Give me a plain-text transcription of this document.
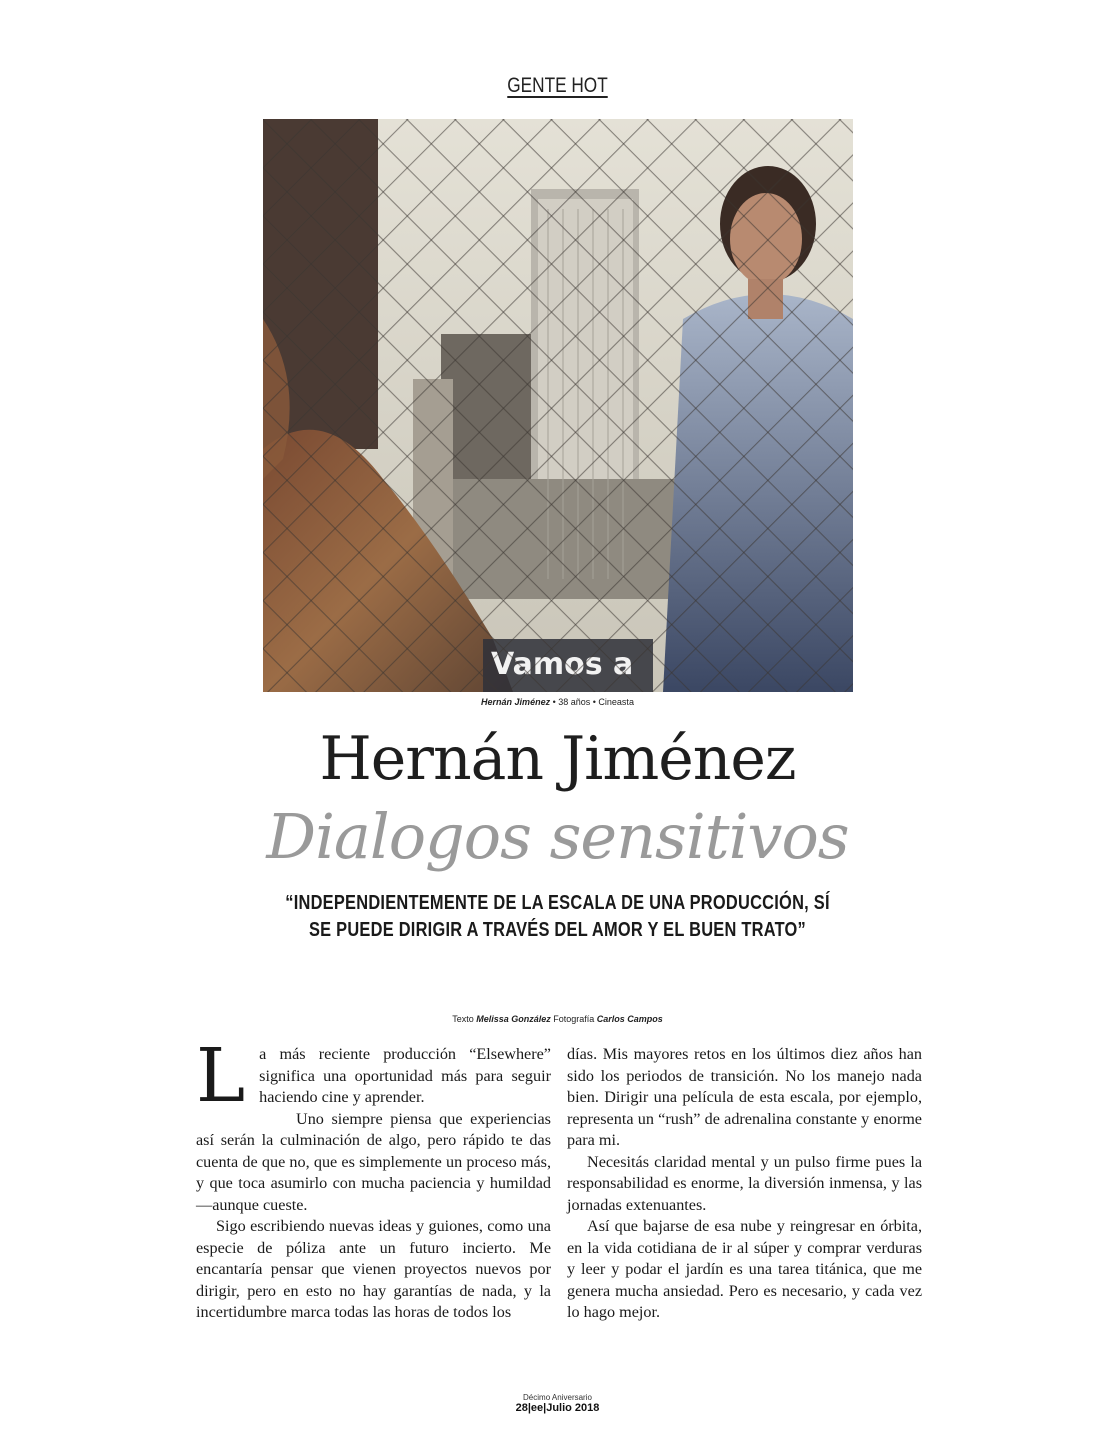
GENTE HOT
Hernán Jiménez • 38 años • Cineasta
Hernán Jiménez
Dialogos sensitivos
“INDEPENDIENTEMENTE DE LA ESCALA DE UNA PRODUCCIÓN, SÍ
SE PUEDE DIRIGIR A TRAVÉS DEL AMOR Y EL BUEN TRATO”
Texto Melissa González Fotografía Carlos Campos

La más reciente producción “Elsewhere” significa una oportunidad más para seguir haciendo cine y aprender.

Uno siempre piensa que experiencias así serán la culminación de algo, pero rápido te das cuenta de que no, que es simplemente un proceso más, y que toca asumirlo con mucha paciencia y humildad —aunque cueste.

Sigo escribiendo nuevas ideas y guiones, como una especie de póliza ante un futuro incierto. Me encantaría pensar que vienen proyectos nuevos por dirigir, pero en esto no hay garantías de nada, y la incertidumbre marca todas las horas de todos los

días. Mis mayores retos en los últimos diez años han sido los periodos de transición. No los manejo nada bien. Dirigir una película de esta escala, por ejemplo, representa un “rush” de adrenalina constante y enorme para mi.

Necesitás claridad mental y un pulso firme pues la responsabilidad es enorme, la diversión inmensa, y las jornadas extenuantes.

Así que bajarse de esa nube y reingresar en órbita, en la vida cotidiana de ir al súper y comprar verduras y leer y podar el jardín es una tarea titánica, que me genera mucha ansiedad. Pero es necesario, y cada vez lo hago mejor.

Décimo Aniversario
28|ee|Julio 2018
